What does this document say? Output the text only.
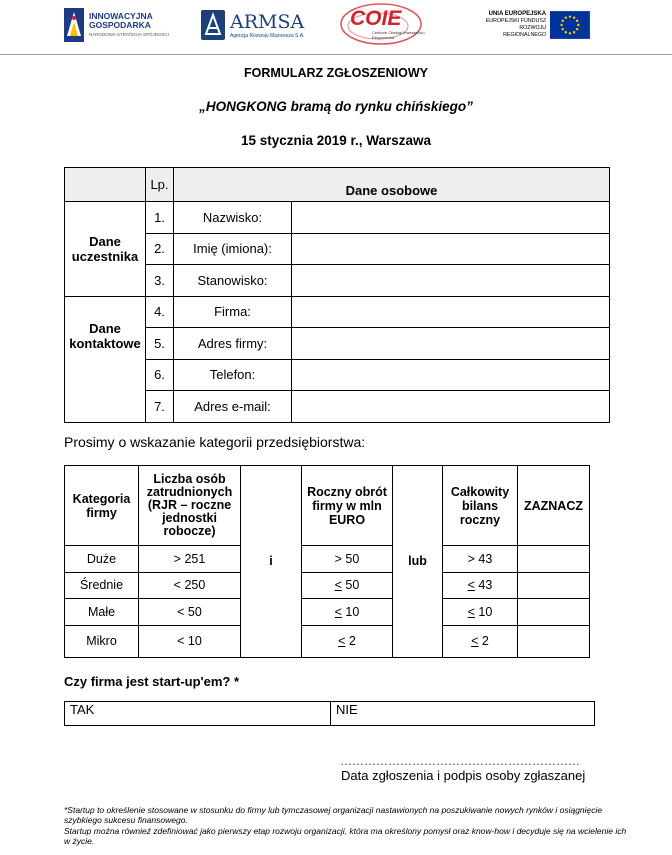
INNOWACYJNA
GOSPODARKA
NARODOWA STRATEGIA SPÓJNOŚCI
ARMSA
Agencja Rozwoju Mazowsza S.A.
COIE
Centrum Obsługi Inwestorów i Eksporterów
UNIA EUROPEJSKA
EUROPEJSKI FUNDUSZ
ROZWOJU REGIONALNEGO
FORMULARZ ZGŁOSZENIOWY
„HONGKONG bramą do rynku chińskiego”
15 stycznia 2019 r., Warszawa
	Lp.	Dane osobowe	
Dane uczestnika	1.	Nazwisko:	
	2.	Imię (imiona):	
	3.	Stanowisko:	
Dane kontaktowe	4.	Firma:	
	5.	Adres firmy:	
	6.	Telefon:	
	7.	Adres e-mail:	
Prosimy o wskazanie kategorii przedsiębiorstwa:
Kategoria firmy	Liczba osób zatrudnionych (RJR – roczne jednostki robocze)	i	Roczny obrót firmy w mln EURO	lub	Całkowity bilans roczny	ZAZNACZ
Duże	> 251		> 50		> 43	
Średnie	< 250		< 50		< 43	
Małe	< 50		< 10		< 10	
Mikro	< 10		< 2		< 2	
Czy firma jest start-up'em? *
TAK	NIE
……………………………………………………
Data zgłoszenia i podpis osoby zgłaszanej
*Startup to określenie stosowane w stosunku do firmy lub tymczasowej organizacji nastawionych na poszukiwanie nowych rynków i osiągnięcie szybkiego sukcesu finansowego.
Startup można również zdefiniować jako pierwszy etap rozwoju organizacji, która ma określony pomysł oraz know-how i decyduje się na wcielenie ich w życie.
